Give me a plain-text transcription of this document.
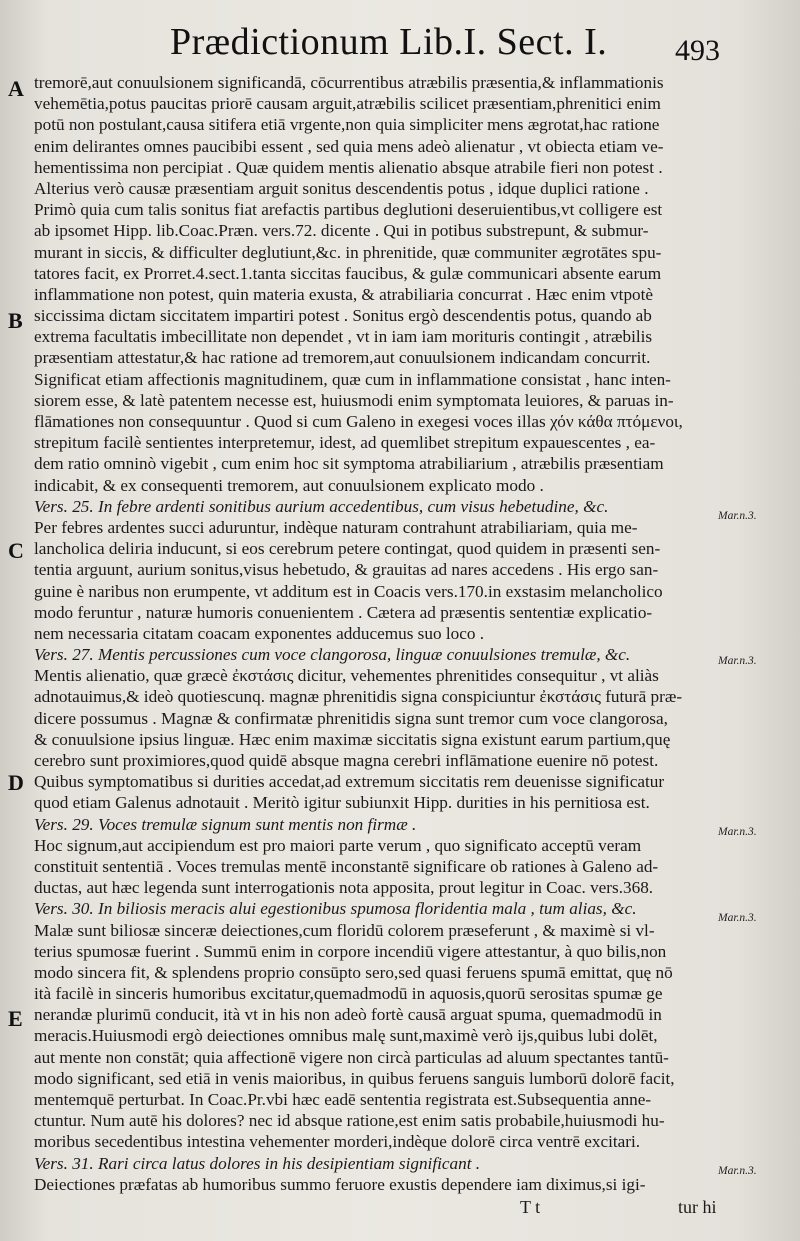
Prædictionum Lib.I. Sect. I. 493
A
B
C
D
E
Mar.n.3.
Mar.n.3.
Mar.n.3.
Mar.n.3.
Mar.n.3.
tremorē,aut conuulsionem significandā, cōcurrentibus atræbilis præsentia,& inflammationis
vehemētia,potus paucitas priorē causam arguit,atræbilis scilicet præsentiam,phrenitici enim
potū non postulant,causa sitifera etiā vrgente,non quia simpliciter mens ægrotat,hac ratione
enim delirantes omnes paucibibi essent , sed quia mens adeò alienatur , vt obiecta etiam ve-
hementissima non percipiat . Quæ quidem mentis alienatio absque atrabile fieri non potest .
Alterius verò causæ præsentiam arguit sonitus descendentis potus , idque duplici ratione .
Primò quia cum talis sonitus fiat arefactis partibus deglutioni deseruientibus,vt colligere est
ab ipsomet Hipp. lib.Coac.Præn. vers.72. dicente . Qui in potibus substrepunt, & submur-
murant in siccis, & difficulter deglutiunt,&c. in phrenitide, quæ communiter ægrotātes spu-
tatores facit, ex Prorret.4.sect.1.tanta siccitas faucibus, & gulæ communicari absente earum
inflammatione non potest, quin materia exusta, & atrabiliaria concurrat . Hæc enim vtpotè
siccissima dictam siccitatem impartiri potest . Sonitus ergò descendentis potus, quando ab
extrema facultatis imbecillitate non dependet , vt in iam iam morituris contingit , atræbilis
præsentiam attestatur,& hac ratione ad tremorem,aut conuulsionem indicandam concurrit.
Significat etiam affectionis magnitudinem, quæ cum in inflammatione consistat , hanc inten-
siorem esse, & latè patentem necesse est, huiusmodi enim symptomata leuiores, & paruas in-
flāmationes non consequuntur . Quod si cum Galeno in exegesi voces illas χόν κάθα πτόμενοι,
strepitum facilè sentientes interpretemur, idest, ad quemlibet strepitum expauescentes , ea-
dem ratio omninò vigebit , cum enim hoc sit symptoma atrabiliarium , atræbilis præsentiam
indicabit, & ex consequenti tremorem, aut conuulsionem explicato modo .
Vers. 25. In febre ardenti sonitibus aurium accedentibus, cum visus hebetudine, &c.
Per febres ardentes succi aduruntur, indèque naturam contrahunt atrabiliariam, quia me-
lancholica deliria inducunt, si eos cerebrum petere contingat, quod quidem in præsenti sen-
tentia arguunt, aurium sonitus,visus hebetudo, & grauitas ad nares accedens . His ergo san-
guine è naribus non erumpente, vt additum est in Coacis vers.170.in exstasim melancholico
modo feruntur , naturæ humoris conuenientem . Cætera ad præsentis sententiæ explicatio-
nem necessaria citatam coacam exponentes adducemus suo loco .
Vers. 27. Mentis percussiones cum voce clangorosa, linguæ conuulsiones tremulæ, &c.
Mentis alienatio, quæ græcè ἐκστάσις dicitur, vehementes phrenitides consequitur , vt aliàs
adnotauimus,& ideò quotiescunq. magnæ phrenitidis signa conspiciuntur ἐκστάσις futurā præ-
dicere possumus . Magnæ & confirmatæ phrenitidis signa sunt tremor cum voce clangorosa,
& conuulsione ipsius linguæ. Hæc enim maximæ siccitatis signa existunt earum partium,quę
cerebro sunt proximiores,quod quidē absque magna cerebri inflāmatione euenire nō potest.
Quibus symptomatibus si durities accedat,ad extremum siccitatis rem deuenisse significatur
quod etiam Galenus adnotauit . Meritò igitur subiunxit Hipp. durities in his pernitiosa est.
Vers. 29. Voces tremulæ signum sunt mentis non firmæ .
Hoc signum,aut accipiendum est pro maiori parte verum , quo significato acceptū veram
constituit sententiā . Voces tremulas mentē inconstantē significare ob rationes à Galeno ad-
ductas, aut hæc legenda sunt interrogationis nota apposita, prout legitur in Coac. vers.368.
Vers. 30. In biliosis meracis alui egestionibus spumosa floridentia mala , tum alias, &c.
Malæ sunt biliosæ sinceræ deiectiones,cum floridū colorem præseferunt , & maximè si vl-
terius spumosæ fuerint . Summū enim in corpore incendiū vigere attestantur, à quo bilis,non
modo sincera fit, & splendens proprio consūpto sero,sed quasi feruens spumā emittat, quę nō
ità facilè in sinceris humoribus excitatur,quemadmodū in aquosis,quorū serositas spumæ ge
nerandæ plurimū conducit, ità vt in his non adeò fortè causā arguat spuma, quemadmodū in
meracis.Huiusmodi ergò deiectiones omnibus malę sunt,maximè verò ijs,quibus lubi dolēt,
aut mente non constāt; quia affectionē vigere non circà particulas ad aluum spectantes tantū-
modo significant, sed etiā in venis maioribus, in quibus feruens sanguis lumborū dolorē facit,
mentemquē perturbat. In Coac.Pr.vbi hæc eadē sententia registrata est.Subsequentia anne-
ctuntur. Num autē his dolores? nec id absque ratione,est enim satis probabile,huiusmodi hu-
moribus secedentibus intestina vehementer morderi,indèque dolorē circa ventrē excitari.
Vers. 31. Rari circa latus dolores in his desipientiam significant .
Deiectiones præfatas ab humoribus summo feruore exustis dependere iam diximus,si igi-
T t	tur hi
